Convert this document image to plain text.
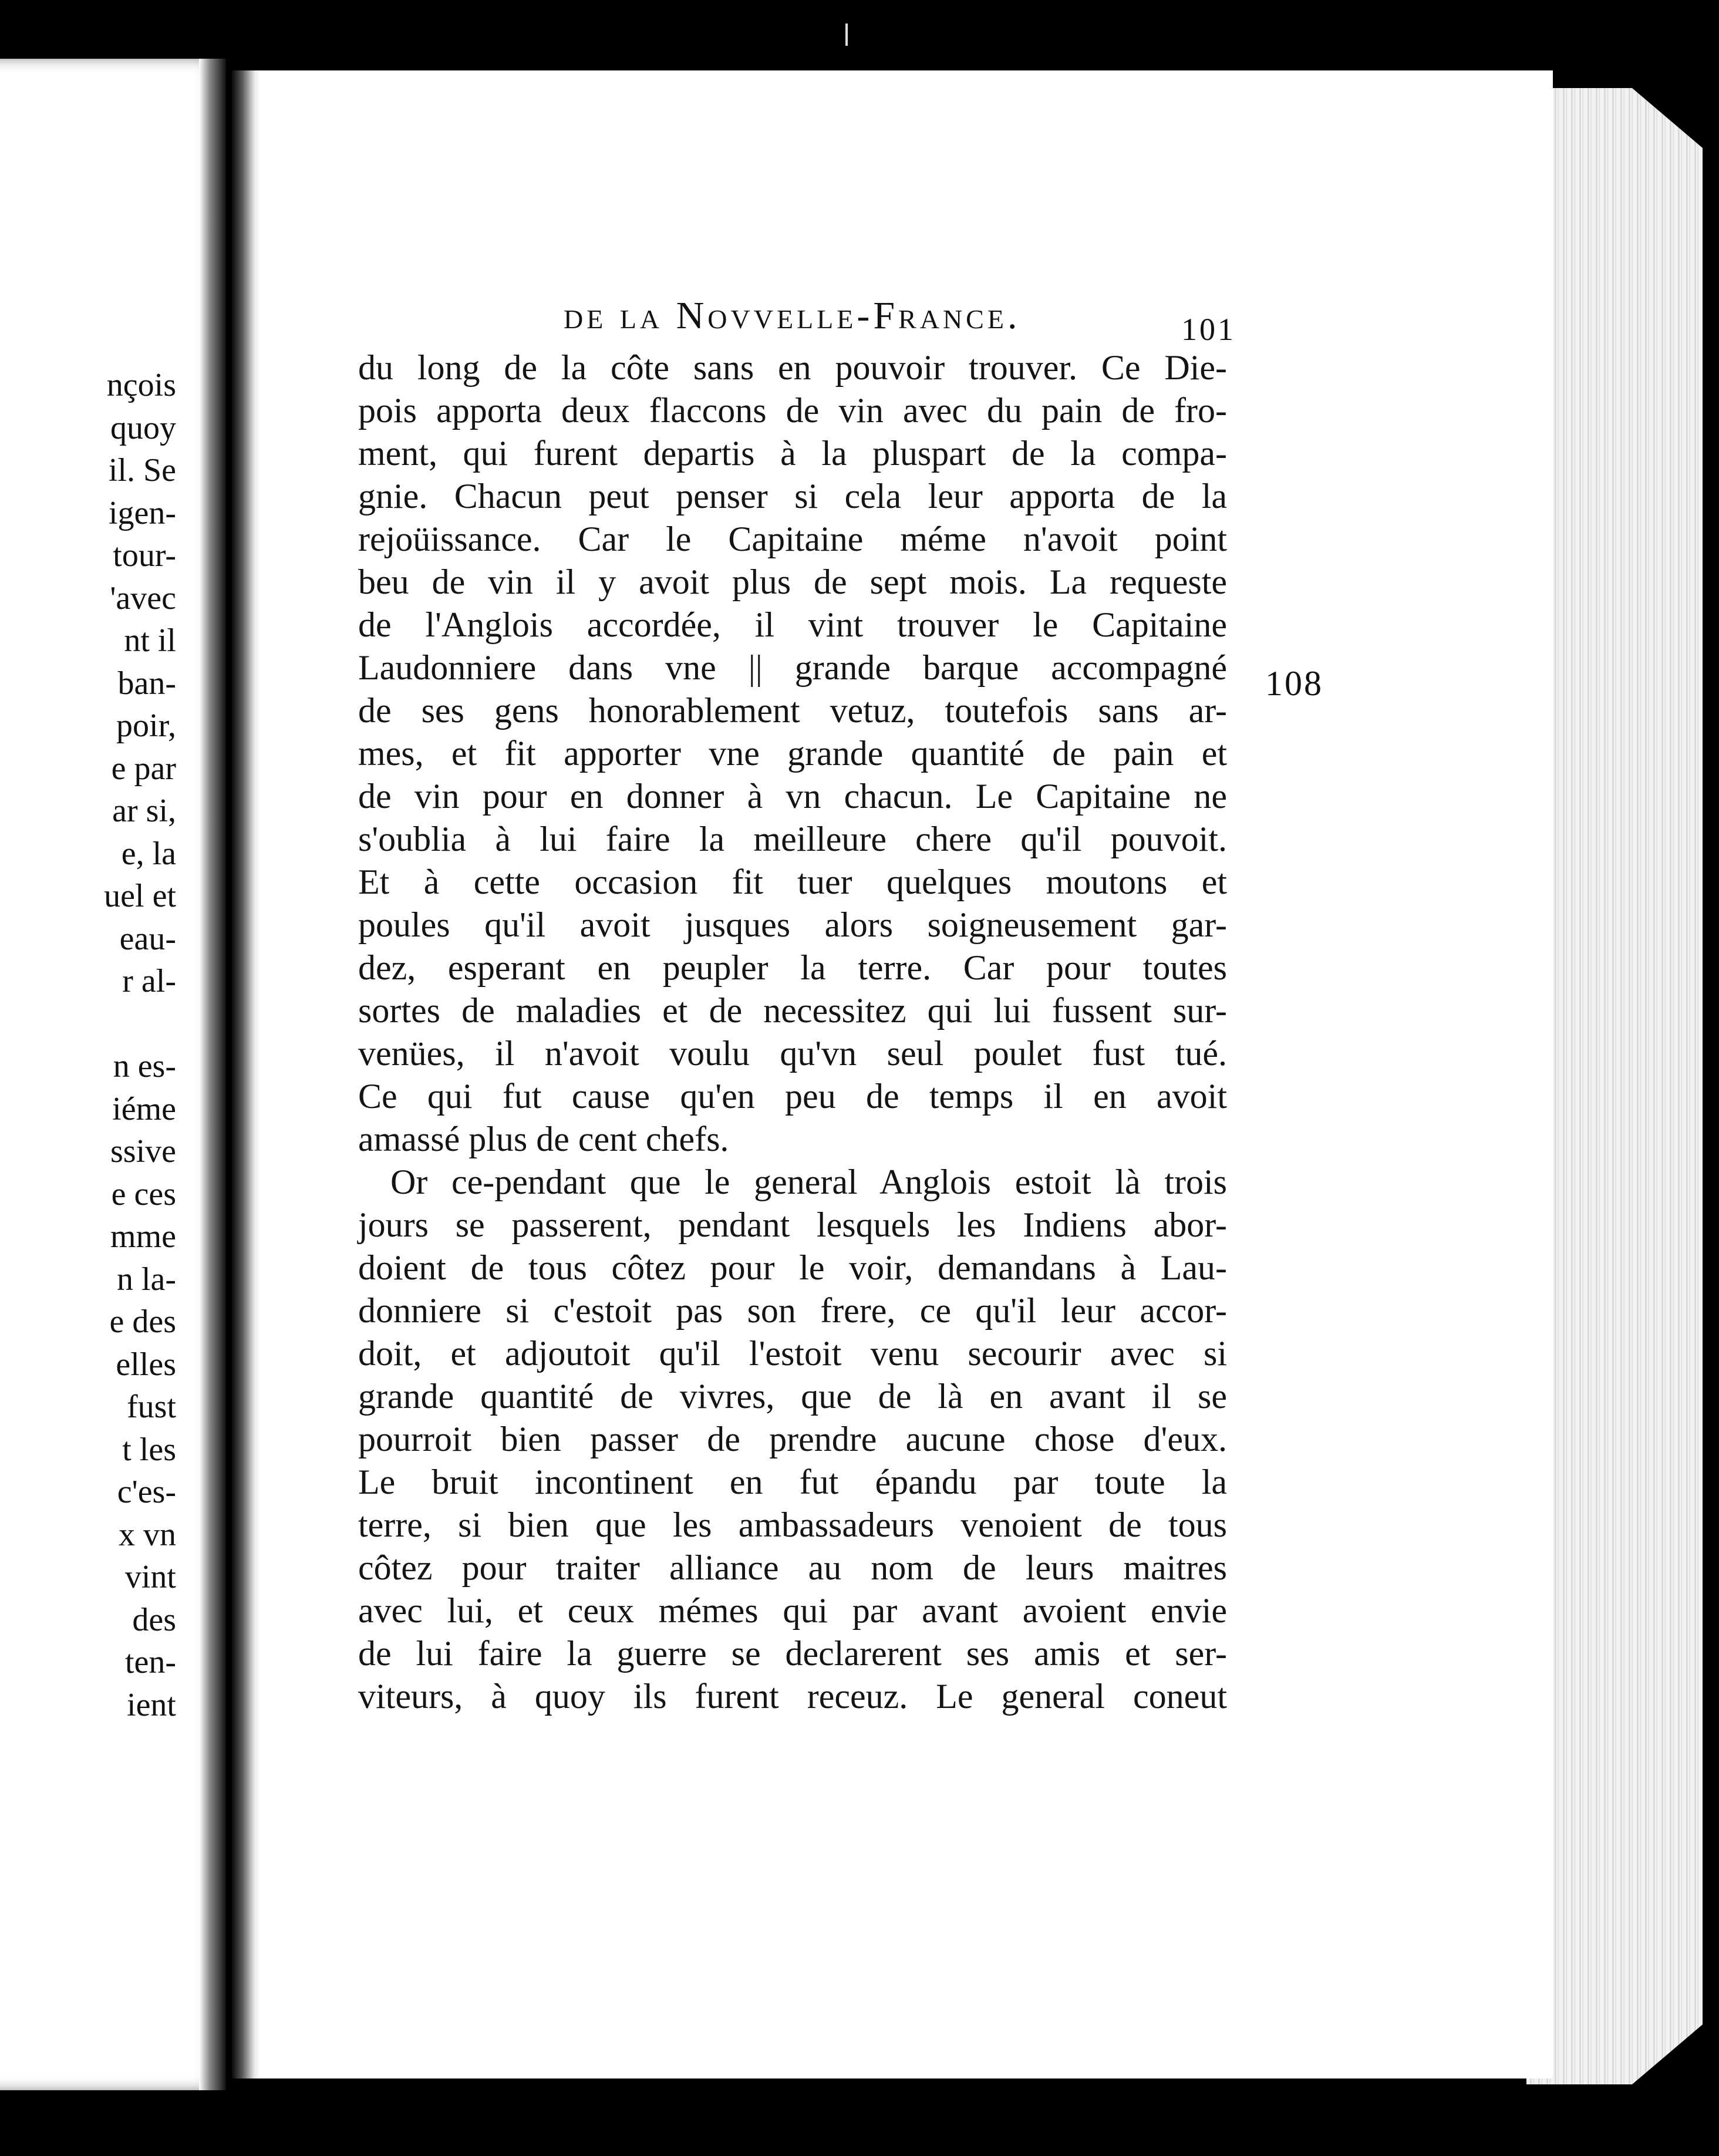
nçois
quoy
il. Se
igen-
tour-
'avec
nt il
ban-
poir,
e par
ar si,
e, la
uel et
eau-
r al-
n es-
iéme
ssive
e ces
mme
n la-
e des
elles
fust
t les
c'es-
x vn
vint
des
ten-
ient
de la Novvelle-France.	101
108
du long de la côte sans en pouvoir trouver. Ce Die-
pois apporta deux flaccons de vin avec du pain de fro-
ment, qui furent departis à la pluspart de la compa-
gnie. Chacun peut penser si cela leur apporta de la
rejoüissance. Car le Capitaine méme n'avoit point
beu de vin il y avoit plus de sept mois. La requeste
de l'Anglois accordée, il vint trouver le Capitaine
Laudonniere dans vne || grande barque accompagné
de ses gens honorablement vetuz, toutefois sans ar-
mes, et fit apporter vne grande quantité de pain et
de vin pour en donner à vn chacun. Le Capitaine ne
s'oublia à lui faire la meilleure chere qu'il pouvoit.
Et à cette occasion fit tuer quelques moutons et
poules qu'il avoit jusques alors soigneusement gar-
dez, esperant en peupler la terre. Car pour toutes
sortes de maladies et de necessitez qui lui fussent sur-
venües, il n'avoit voulu qu'vn seul poulet fust tué.
Ce qui fut cause qu'en peu de temps il en avoit
amassé plus de cent chefs.
Or ce-pendant que le general Anglois estoit là trois
jours se passerent, pendant lesquels les Indiens abor-
doient de tous côtez pour le voir, demandans à Lau-
donniere si c'estoit pas son frere, ce qu'il leur accor-
doit, et adjoutoit qu'il l'estoit venu secourir avec si
grande quantité de vivres, que de là en avant il se
pourroit bien passer de prendre aucune chose d'eux.
Le bruit incontinent en fut épandu par toute la
terre, si bien que les ambassadeurs venoient de tous
côtez pour traiter alliance au nom de leurs maitres
avec lui, et ceux mémes qui par avant avoient envie
de lui faire la guerre se declarerent ses amis et ser-
viteurs, à quoy ils furent receuz. Le general coneut
